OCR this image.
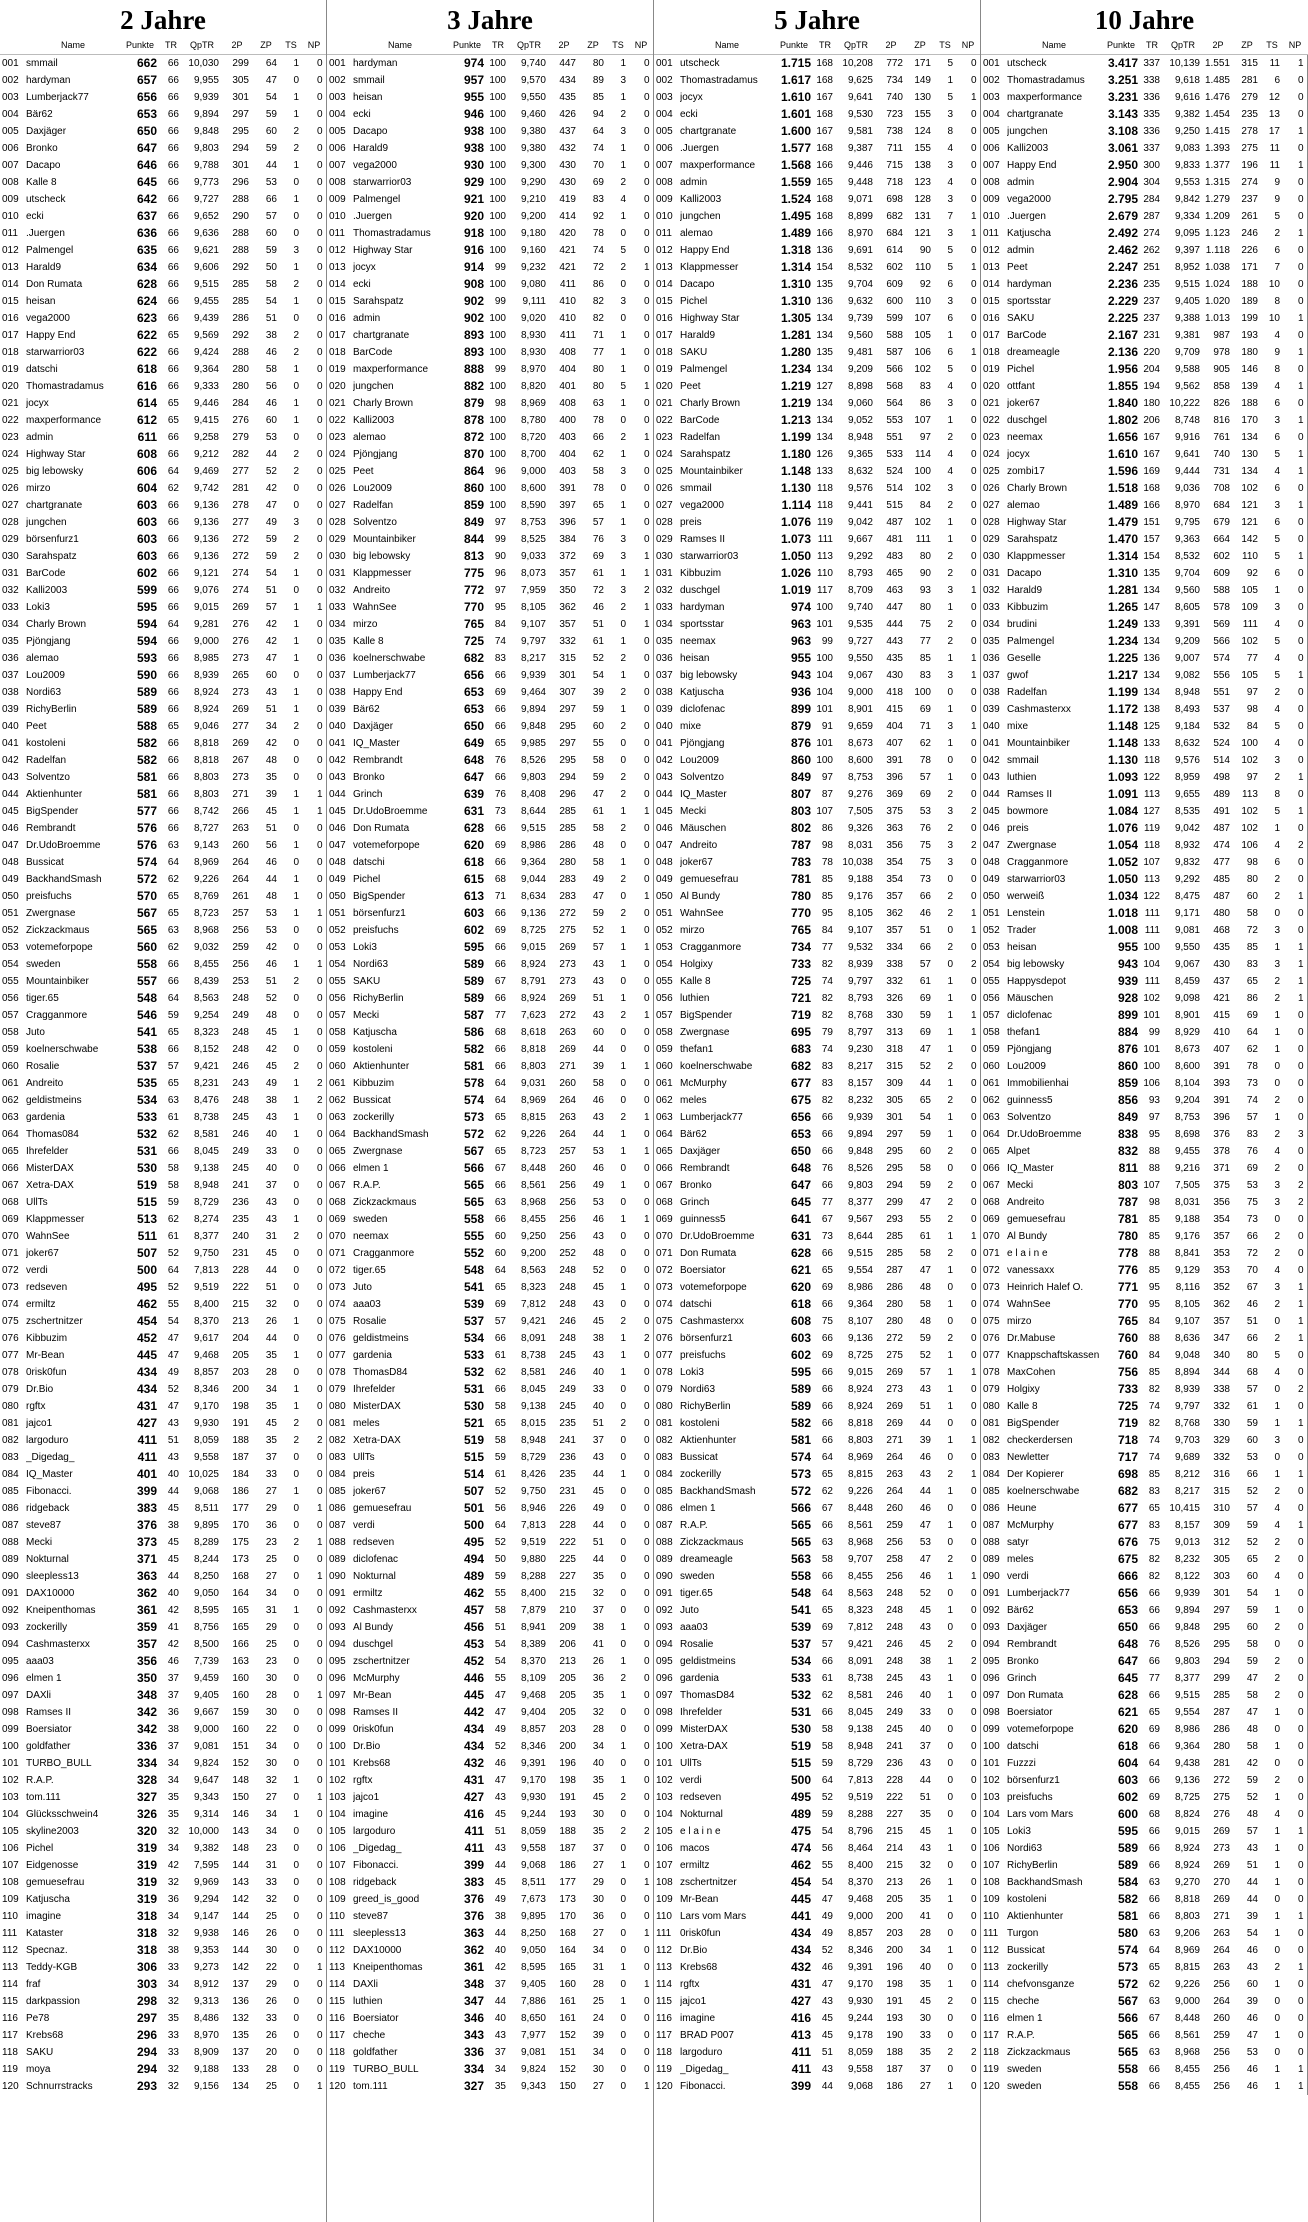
2 Jahre
	Name	Punkte	TR	QpTR	2P	ZP	TS	NP
001	smmail	662	66	10,030	299	64	1	0
002	hardyman	657	66	9,955	305	47	0	0
003	Lumberjack77	656	66	9,939	301	54	1	0
004	Bär62	653	66	9,894	297	59	1	0
005	Daxjäger	650	66	9,848	295	60	2	0
006	Bronko	647	66	9,803	294	59	2	0
007	Dacapo	646	66	9,788	301	44	1	0
008	Kalle 8	645	66	9,773	296	53	0	0
009	utscheck	642	66	9,727	288	66	1	0
010	ecki	637	66	9,652	290	57	0	0
011	.Juergen	636	66	9,636	288	60	0	0
012	Palmengel	635	66	9,621	288	59	3	0
013	Harald9	634	66	9,606	292	50	1	0
014	Don Rumata	628	66	9,515	285	58	2	0
015	heisan	624	66	9,455	285	54	1	0
016	vega2000	623	66	9,439	286	51	0	0
017	Happy End	622	65	9,569	292	38	2	0
018	starwarrior03	622	66	9,424	288	46	2	0
019	datschi	618	66	9,364	280	58	1	0
020	Thomastradamus	616	66	9,333	280	56	0	0
021	jocyx	614	65	9,446	284	46	1	0
022	maxperformance	612	65	9,415	276	60	1	0
023	admin	611	66	9,258	279	53	0	0
024	Highway Star	608	66	9,212	282	44	2	0
025	big lebowsky	606	64	9,469	277	52	2	0
026	mirzo	604	62	9,742	281	42	0	0
027	chartgranate	603	66	9,136	278	47	0	0
028	jungchen	603	66	9,136	277	49	3	0
029	börsenfurz1	603	66	9,136	272	59	2	0
030	Sarahspatz	603	66	9,136	272	59	2	0
031	BarCode	602	66	9,121	274	54	1	0
032	Kalli2003	599	66	9,076	274	51	0	0
033	Loki3	595	66	9,015	269	57	1	1
034	Charly Brown	594	64	9,281	276	42	1	0
035	Pjöngjang	594	66	9,000	276	42	1	0
036	alemao	593	66	8,985	273	47	1	0
037	Lou2009	590	66	8,939	265	60	0	0
038	Nordi63	589	66	8,924	273	43	1	0
039	RichyBerlin	589	66	8,924	269	51	1	0
040	Peet	588	65	9,046	277	34	2	0
041	kostoleni	582	66	8,818	269	42	0	0
042	Radelfan	582	66	8,818	267	48	0	0
043	Solventzo	581	66	8,803	273	35	0	0
044	Aktienhunter	581	66	8,803	271	39	1	1
045	BigSpender	577	66	8,742	266	45	1	1
046	Rembrandt	576	66	8,727	263	51	0	0
047	Dr.UdoBroemme	576	63	9,143	260	56	1	0
048	Bussicat	574	64	8,969	264	46	0	0
049	BackhandSmash	572	62	9,226	264	44	1	0
050	preisfuchs	570	65	8,769	261	48	1	0
051	Zwergnase	567	65	8,723	257	53	1	1
052	Zickzackmaus	565	63	8,968	256	53	0	0
053	votemeforpope	560	62	9,032	259	42	0	0
054	sweden	558	66	8,455	256	46	1	1
055	Mountainbiker	557	66	8,439	253	51	2	0
056	tiger.65	548	64	8,563	248	52	0	0
057	Cragganmore	546	59	9,254	249	48	0	0
058	Juto	541	65	8,323	248	45	1	0
059	koelnerschwabe	538	66	8,152	248	42	0	0
060	Rosalie	537	57	9,421	246	45	2	0
061	Andreito	535	65	8,231	243	49	1	2
062	geldistmeins	534	63	8,476	248	38	1	2
063	gardenia	533	61	8,738	245	43	1	0
064	Thomas084	532	62	8,581	246	40	1	0
065	Ihrefelder	531	66	8,045	249	33	0	0
066	MisterDAX	530	58	9,138	245	40	0	0
067	Xetra-DAX	519	58	8,948	241	37	0	0
068	UllTs	515	59	8,729	236	43	0	0
069	Klappmesser	513	62	8,274	235	43	1	0
070	WahnSee	511	61	8,377	240	31	2	0
071	joker67	507	52	9,750	231	45	0	0
072	verdi	500	64	7,813	228	44	0	0
073	redseven	495	52	9,519	222	51	0	0
074	ermiltz	462	55	8,400	215	32	0	0
075	zschertnitzer	454	54	8,370	213	26	1	0
076	Kibbuzim	452	47	9,617	204	44	0	0
077	Mr-Bean	445	47	9,468	205	35	1	0
078	0risk0fun	434	49	8,857	203	28	0	0
079	Dr.Bio	434	52	8,346	200	34	1	0
080	rgftx	431	47	9,170	198	35	1	0
081	jajco1	427	43	9,930	191	45	2	0
082	largoduro	411	51	8,059	188	35	2	2
083	_Digedag_	411	43	9,558	187	37	0	0
084	IQ_Master	401	40	10,025	184	33	0	0
085	Fibonacci.	399	44	9,068	186	27	1	0
086	ridgeback	383	45	8,511	177	29	0	1
087	steve87	376	38	9,895	170	36	0	0
088	Mecki	373	45	8,289	175	23	2	1
089	Nokturnal	371	45	8,244	173	25	0	0
090	sleepless13	363	44	8,250	168	27	0	1
091	DAX10000	362	40	9,050	164	34	0	0
092	Kneipenthomas	361	42	8,595	165	31	1	0
093	zockerilly	359	41	8,756	165	29	0	0
094	Cashmasterxx	357	42	8,500	166	25	0	0
095	aaa03	356	46	7,739	163	23	0	0
096	elmen 1	350	37	9,459	160	30	0	0
097	DAXli	348	37	9,405	160	28	0	1
098	Ramses II	342	36	9,667	159	30	0	0
099	Boersiator	342	38	9,000	160	22	0	0
100	goldfather	336	37	9,081	151	34	0	0
101	TURBO_BULL	334	34	9,824	152	30	0	0
102	R.A.P.	328	34	9,647	148	32	1	0
103	tom.111	327	35	9,343	150	27	0	1
104	Glücksschwein4	326	35	9,314	146	34	1	0
105	skyline2003	320	32	10,000	143	34	0	0
106	Pichel	319	34	9,382	148	23	0	0
107	Eidgenosse	319	42	7,595	144	31	0	0
108	gemuesefrau	319	32	9,969	143	33	0	0
109	Katjuscha	319	36	9,294	142	32	0	0
110	imagine	318	34	9,147	144	25	0	0
111	Kataster	318	32	9,938	146	26	0	0
112	Specnaz.	318	38	9,353	144	30	0	0
113	Teddy-KGB	306	33	9,273	142	22	0	1
114	fraf	303	34	8,912	137	29	0	0
115	darkpassion	298	32	9,313	136	26	0	0
116	Pe78	297	35	8,486	132	33	0	0
117	Krebs68	296	33	8,970	135	26	0	0
118	SAKU	294	33	8,909	137	20	0	0
119	moya	294	32	9,188	133	28	0	0
120	Schnurrstracks	293	32	9,156	134	25	0	1
3 Jahre
	Name	Punkte	TR	QpTR	2P	ZP	TS	NP
001	hardyman	974	100	9,740	447	80	1	0
002	smmail	957	100	9,570	434	89	3	0
003	heisan	955	100	9,550	435	85	1	0
004	ecki	946	100	9,460	426	94	2	0
005	Dacapo	938	100	9,380	437	64	3	0
006	Harald9	938	100	9,380	432	74	1	0
007	vega2000	930	100	9,300	430	70	1	0
008	starwarrior03	929	100	9,290	430	69	2	0
009	Palmengel	921	100	9,210	419	83	4	0
010	.Juergen	920	100	9,200	414	92	1	0
011	Thomastradamus	918	100	9,180	420	78	0	0
012	Highway Star	916	100	9,160	421	74	5	0
013	jocyx	914	99	9,232	421	72	2	1
014	ecki	908	100	9,080	411	86	0	0
015	Sarahspatz	902	99	9,111	410	82	3	0
016	admin	902	100	9,020	410	82	0	0
017	chartgranate	893	100	8,930	411	71	1	0
018	BarCode	893	100	8,930	408	77	1	0
019	maxperformance	888	99	8,970	404	80	1	0
020	jungchen	882	100	8,820	401	80	5	1
021	Charly Brown	879	98	8,969	408	63	1	0
022	Kalli2003	878	100	8,780	400	78	0	0
023	alemao	872	100	8,720	403	66	2	1
024	Pjöngjang	870	100	8,700	404	62	1	0
025	Peet	864	96	9,000	403	58	3	0
026	Lou2009	860	100	8,600	391	78	0	0
027	Radelfan	859	100	8,590	397	65	1	0
028	Solventzo	849	97	8,753	396	57	1	0
029	Mountainbiker	844	99	8,525	384	76	3	0
030	big lebowsky	813	90	9,033	372	69	3	1
031	Klappmesser	775	96	8,073	357	61	1	1
032	Andreito	772	97	7,959	350	72	3	2
033	WahnSee	770	95	8,105	362	46	2	1
034	mirzo	765	84	9,107	357	51	0	1
035	Kalle 8	725	74	9,797	332	61	1	0
036	koelnerschwabe	682	83	8,217	315	52	2	0
037	Lumberjack77	656	66	9,939	301	54	1	0
038	Happy End	653	69	9,464	307	39	2	0
039	Bär62	653	66	9,894	297	59	1	0
040	Daxjäger	650	66	9,848	295	60	2	0
041	IQ_Master	649	65	9,985	297	55	0	0
042	Rembrandt	648	76	8,526	295	58	0	0
043	Bronko	647	66	9,803	294	59	2	0
044	Grinch	639	76	8,408	296	47	2	0
045	Dr.UdoBroemme	631	73	8,644	285	61	1	1
046	Don Rumata	628	66	9,515	285	58	2	0
047	votemeforpope	620	69	8,986	286	48	0	0
048	datschi	618	66	9,364	280	58	1	0
049	Pichel	615	68	9,044	283	49	2	0
050	BigSpender	613	71	8,634	283	47	0	1
051	börsenfurz1	603	66	9,136	272	59	2	0
052	preisfuchs	602	69	8,725	275	52	1	0
053	Loki3	595	66	9,015	269	57	1	1
054	Nordi63	589	66	8,924	273	43	1	0
055	SAKU	589	67	8,791	273	43	0	0
056	RichyBerlin	589	66	8,924	269	51	1	0
057	Mecki	587	77	7,623	272	43	2	1
058	Katjuscha	586	68	8,618	263	60	0	0
059	kostoleni	582	66	8,818	269	44	0	0
060	Aktienhunter	581	66	8,803	271	39	1	1
061	Kibbuzim	578	64	9,031	260	58	0	0
062	Bussicat	574	64	8,969	264	46	0	0
063	zockerilly	573	65	8,815	263	43	2	1
064	BackhandSmash	572	62	9,226	264	44	1	0
065	Zwergnase	567	65	8,723	257	53	1	1
066	elmen 1	566	67	8,448	260	46	0	0
067	R.A.P.	565	66	8,561	256	49	1	0
068	Zickzackmaus	565	63	8,968	256	53	0	0
069	sweden	558	66	8,455	256	46	1	1
070	neemax	555	60	9,250	256	43	0	0
071	Cragganmore	552	60	9,200	252	48	0	0
072	tiger.65	548	64	8,563	248	52	0	0
073	Juto	541	65	8,323	248	45	1	0
074	aaa03	539	69	7,812	248	43	0	0
075	Rosalie	537	57	9,421	246	45	2	0
076	geldistmeins	534	66	8,091	248	38	1	2
077	gardenia	533	61	8,738	245	43	1	0
078	ThomasD84	532	62	8,581	246	40	1	0
079	Ihrefelder	531	66	8,045	249	33	0	0
080	MisterDAX	530	58	9,138	245	40	0	0
081	meles	521	65	8,015	235	51	2	0
082	Xetra-DAX	519	58	8,948	241	37	0	0
083	UllTs	515	59	8,729	236	43	0	0
084	preis	514	61	8,426	235	44	1	0
085	joker67	507	52	9,750	231	45	0	0
086	gemuesefrau	501	56	8,946	226	49	0	0
087	verdi	500	64	7,813	228	44	0	0
088	redseven	495	52	9,519	222	51	0	0
089	diclofenac	494	50	9,880	225	44	0	0
090	Nokturnal	489	59	8,288	227	35	0	0
091	ermiltz	462	55	8,400	215	32	0	0
092	Cashmasterxx	457	58	7,879	210	37	0	0
093	Al Bundy	456	51	8,941	209	38	1	0
094	duschgel	453	54	8,389	206	41	0	0
095	zschertnitzer	452	54	8,370	213	26	1	0
096	McMurphy	446	55	8,109	205	36	2	0
097	Mr-Bean	445	47	9,468	205	35	1	0
098	Ramses II	442	47	9,404	205	32	0	0
099	0risk0fun	434	49	8,857	203	28	0	0
100	Dr.Bio	434	52	8,346	200	34	1	0
101	Krebs68	432	46	9,391	196	40	0	0
102	rgftx	431	47	9,170	198	35	1	0
103	jajco1	427	43	9,930	191	45	2	0
104	imagine	416	45	9,244	193	30	0	0
105	largoduro	411	51	8,059	188	35	2	2
106	_Digedag_	411	43	9,558	187	37	0	0
107	Fibonacci.	399	44	9,068	186	27	1	0
108	ridgeback	383	45	8,511	177	29	0	1
109	greed_is_good	376	49	7,673	173	30	0	0
110	steve87	376	38	9,895	170	36	0	0
111	sleepless13	363	44	8,250	168	27	0	1
112	DAX10000	362	40	9,050	164	34	0	0
113	Kneipenthomas	361	42	8,595	165	31	1	0
114	DAXli	348	37	9,405	160	28	0	1
115	luthien	347	44	7,886	161	25	1	0
116	Boersiator	346	40	8,650	161	24	0	0
117	cheche	343	43	7,977	152	39	0	0
118	goldfather	336	37	9,081	151	34	0	0
119	TURBO_BULL	334	34	9,824	152	30	0	0
120	tom.111	327	35	9,343	150	27	0	1
5 Jahre
	Name	Punkte	TR	QpTR	2P	ZP	TS	NP
001	utscheck	1.715	168	10,208	772	171	5	0
002	Thomastradamus	1.617	168	9,625	734	149	1	0
003	jocyx	1.610	167	9,641	740	130	5	1
004	ecki	1.601	168	9,530	723	155	3	0
005	chartgranate	1.600	167	9,581	738	124	8	0
006	.Juergen	1.577	168	9,387	711	155	4	0
007	maxperformance	1.568	166	9,446	715	138	3	0
008	admin	1.559	165	9,448	718	123	4	0
009	Kalli2003	1.524	168	9,071	698	128	3	0
010	jungchen	1.495	168	8,899	682	131	7	1
011	alemao	1.489	166	8,970	684	121	3	1
012	Happy End	1.318	136	9,691	614	90	5	0
013	Klappmesser	1.314	154	8,532	602	110	5	1
014	Dacapo	1.310	135	9,704	609	92	6	0
015	Pichel	1.310	136	9,632	600	110	3	0
016	Highway Star	1.305	134	9,739	599	107	6	0
017	Harald9	1.281	134	9,560	588	105	1	0
018	SAKU	1.280	135	9,481	587	106	6	1
019	Palmengel	1.234	134	9,209	566	102	5	0
020	Peet	1.219	127	8,898	568	83	4	0
021	Charly Brown	1.219	134	9,060	564	86	3	0
022	BarCode	1.213	134	9,052	553	107	1	0
023	Radelfan	1.199	134	8,948	551	97	2	0
024	Sarahspatz	1.180	126	9,365	533	114	4	0
025	Mountainbiker	1.148	133	8,632	524	100	4	0
026	smmail	1.130	118	9,576	514	102	3	0
027	vega2000	1.114	118	9,441	515	84	2	0
028	preis	1.076	119	9,042	487	102	1	0
029	Ramses II	1.073	111	9,667	481	111	1	0
030	starwarrior03	1.050	113	9,292	483	80	2	0
031	Kibbuzim	1.026	110	8,793	465	90	2	0
032	duschgel	1.019	117	8,709	463	93	3	1
033	hardyman	974	100	9,740	447	80	1	0
034	sportsstar	963	101	9,535	444	75	2	0
035	neemax	963	99	9,727	443	77	2	0
036	heisan	955	100	9,550	435	85	1	1
037	big lebowsky	943	104	9,067	430	83	3	1
038	Katjuscha	936	104	9,000	418	100	0	0
039	diclofenac	899	101	8,901	415	69	1	0
040	mixe	879	91	9,659	404	71	3	1
041	Pjöngjang	876	101	8,673	407	62	1	0
042	Lou2009	860	100	8,600	391	78	0	0
043	Solventzo	849	97	8,753	396	57	1	0
044	IQ_Master	807	87	9,276	369	69	2	0
045	Mecki	803	107	7,505	375	53	3	2
046	Mäuschen	802	86	9,326	363	76	2	0
047	Andreito	787	98	8,031	356	75	3	2
048	joker67	783	78	10,038	354	75	3	0
049	gemuesefrau	781	85	9,188	354	73	0	0
050	Al Bundy	780	85	9,176	357	66	2	0
051	WahnSee	770	95	8,105	362	46	2	1
052	mirzo	765	84	9,107	357	51	0	1
053	Cragganmore	734	77	9,532	334	66	2	0
054	Holgixy	733	82	8,939	338	57	0	2
055	Kalle 8	725	74	9,797	332	61	1	0
056	luthien	721	82	8,793	326	69	1	0
057	BigSpender	719	82	8,768	330	59	1	1
058	Zwergnase	695	79	8,797	313	69	1	1
059	thefan1	683	74	9,230	318	47	1	0
060	koelnerschwabe	682	83	8,217	315	52	2	0
061	McMurphy	677	83	8,157	309	44	1	0
062	meles	675	82	8,232	305	65	2	0
063	Lumberjack77	656	66	9,939	301	54	1	0
064	Bär62	653	66	9,894	297	59	1	0
065	Daxjäger	650	66	9,848	295	60	2	0
066	Rembrandt	648	76	8,526	295	58	0	0
067	Bronko	647	66	9,803	294	59	2	0
068	Grinch	645	77	8,377	299	47	2	0
069	guinness5	641	67	9,567	293	55	2	0
070	Dr.UdoBroemme	631	73	8,644	285	61	1	1
071	Don Rumata	628	66	9,515	285	58	2	0
072	Boersiator	621	65	9,554	287	47	1	0
073	votemeforpope	620	69	8,986	286	48	0	0
074	datschi	618	66	9,364	280	58	1	0
075	Cashmasterxx	608	75	8,107	280	48	0	0
076	börsenfurz1	603	66	9,136	272	59	2	0
077	preisfuchs	602	69	8,725	275	52	1	0
078	Loki3	595	66	9,015	269	57	1	1
079	Nordi63	589	66	8,924	273	43	1	0
080	RichyBerlin	589	66	8,924	269	51	1	0
081	kostoleni	582	66	8,818	269	44	0	0
082	Aktienhunter	581	66	8,803	271	39	1	1
083	Bussicat	574	64	8,969	264	46	0	0
084	zockerilly	573	65	8,815	263	43	2	1
085	BackhandSmash	572	62	9,226	264	44	1	0
086	elmen 1	566	67	8,448	260	46	0	0
087	R.A.P.	565	66	8,561	259	47	1	0
088	Zickzackmaus	565	63	8,968	256	53	0	0
089	dreameagle	563	58	9,707	258	47	2	0
090	sweden	558	66	8,455	256	46	1	1
091	tiger.65	548	64	8,563	248	52	0	0
092	Juto	541	65	8,323	248	45	1	0
093	aaa03	539	69	7,812	248	43	0	0
094	Rosalie	537	57	9,421	246	45	2	0
095	geldistmeins	534	66	8,091	248	38	1	2
096	gardenia	533	61	8,738	245	43	1	0
097	ThomasD84	532	62	8,581	246	40	1	0
098	Ihrefelder	531	66	8,045	249	33	0	0
099	MisterDAX	530	58	9,138	245	40	0	0
100	Xetra-DAX	519	58	8,948	241	37	0	0
101	UllTs	515	59	8,729	236	43	0	0
102	verdi	500	64	7,813	228	44	0	0
103	redseven	495	52	9,519	222	51	0	0
104	Nokturnal	489	59	8,288	227	35	0	0
105	e l a i n e	475	54	8,796	215	45	1	0
106	macos	474	56	8,464	214	43	1	0
107	ermiltz	462	55	8,400	215	32	0	0
108	zschertnitzer	454	54	8,370	213	26	1	0
109	Mr-Bean	445	47	9,468	205	35	1	0
110	Lars vom Mars	441	49	9,000	200	41	0	0
111	0risk0fun	434	49	8,857	203	28	0	0
112	Dr.Bio	434	52	8,346	200	34	1	0
113	Krebs68	432	46	9,391	196	40	0	0
114	rgftx	431	47	9,170	198	35	1	0
115	jajco1	427	43	9,930	191	45	2	0
116	imagine	416	45	9,244	193	30	0	0
117	BRAD P007	413	45	9,178	190	33	0	0
118	largoduro	411	51	8,059	188	35	2	2
119	_Digedag_	411	43	9,558	187	37	0	0
120	Fibonacci.	399	44	9,068	186	27	1	0
10 Jahre
	Name	Punkte	TR	QpTR	2P	ZP	TS	NP
001	utscheck	3.417	337	10,139	1.551	315	11	1
002	Thomastradamus	3.251	338	9,618	1.485	281	6	0
003	maxperformance	3.231	336	9,616	1.476	279	12	0
004	chartgranate	3.143	335	9,382	1.454	235	13	0
005	jungchen	3.108	336	9,250	1.415	278	17	1
006	Kalli2003	3.061	337	9,083	1.393	275	11	0
007	Happy End	2.950	300	9,833	1.377	196	11	1
008	admin	2.904	304	9,553	1.315	274	9	0
009	vega2000	2.795	284	9,842	1.279	237	9	0
010	.Juergen	2.679	287	9,334	1.209	261	5	0
011	Katjuscha	2.492	274	9,095	1.123	246	2	1
012	admin	2.462	262	9,397	1.118	226	6	0
013	Peet	2.247	251	8,952	1.038	171	7	0
014	hardyman	2.236	235	9,515	1.024	188	10	0
015	sportsstar	2.229	237	9,405	1.020	189	8	0
016	SAKU	2.225	237	9,388	1.013	199	10	1
017	BarCode	2.167	231	9,381	987	193	4	0
018	dreameagle	2.136	220	9,709	978	180	9	1
019	Pichel	1.956	204	9,588	905	146	8	0
020	ottfant	1.855	194	9,562	858	139	4	1
021	joker67	1.840	180	10,222	826	188	6	0
022	duschgel	1.802	206	8,748	816	170	3	1
023	neemax	1.656	167	9,916	761	134	6	0
024	jocyx	1.610	167	9,641	740	130	5	1
025	zombi17	1.596	169	9,444	731	134	4	1
026	Charly Brown	1.518	168	9,036	708	102	6	0
027	alemao	1.489	166	8,970	684	121	3	1
028	Highway Star	1.479	151	9,795	679	121	6	0
029	Sarahspatz	1.470	157	9,363	664	142	5	0
030	Klappmesser	1.314	154	8,532	602	110	5	1
031	Dacapo	1.310	135	9,704	609	92	6	0
032	Harald9	1.281	134	9,560	588	105	1	0
033	Kibbuzim	1.265	147	8,605	578	109	3	0
034	brudini	1.249	133	9,391	569	111	4	0
035	Palmengel	1.234	134	9,209	566	102	5	0
036	Geselle	1.225	136	9,007	574	77	4	0
037	gwof	1.217	134	9,082	556	105	5	1
038	Radelfan	1.199	134	8,948	551	97	2	0
039	Cashmasterxx	1.172	138	8,493	537	98	4	0
040	mixe	1.148	125	9,184	532	84	5	0
041	Mountainbiker	1.148	133	8,632	524	100	4	0
042	smmail	1.130	118	9,576	514	102	3	0
043	luthien	1.093	122	8,959	498	97	2	1
044	Ramses II	1.091	113	9,655	489	113	8	0
045	bowmore	1.084	127	8,535	491	102	5	1
046	preis	1.076	119	9,042	487	102	1	0
047	Zwergnase	1.054	118	8,932	474	106	4	2
048	Cragganmore	1.052	107	9,832	477	98	6	0
049	starwarrior03	1.050	113	9,292	485	80	2	0
050	werweiß	1.034	122	8,475	487	60	2	1
051	Lenstein	1.018	111	9,171	480	58	0	0
052	Trader	1.008	111	9,081	468	72	3	0
053	heisan	955	100	9,550	435	85	1	1
054	big lebowsky	943	104	9,067	430	83	3	1
055	Happysdepot	939	111	8,459	437	65	2	1
056	Mäuschen	928	102	9,098	421	86	2	1
057	diclofenac	899	101	8,901	415	69	1	0
058	thefan1	884	99	8,929	410	64	1	0
059	Pjöngjang	876	101	8,673	407	62	1	0
060	Lou2009	860	100	8,600	391	78	0	0
061	Immobilienhai	859	106	8,104	393	73	0	0
062	guinness5	856	93	9,204	391	74	2	0
063	Solventzo	849	97	8,753	396	57	1	0
064	Dr.UdoBroemme	838	95	8,698	376	83	2	3
065	Alpet	832	88	9,455	378	76	4	0
066	IQ_Master	811	88	9,216	371	69	2	0
067	Mecki	803	107	7,505	375	53	3	2
068	Andreito	787	98	8,031	356	75	3	2
069	gemuesefrau	781	85	9,188	354	73	0	0
070	Al Bundy	780	85	9,176	357	66	2	0
071	e l a i n e	778	88	8,841	353	72	2	0
072	vanessaxx	776	85	9,129	353	70	4	0
073	Heinrich Halef O.	771	95	8,116	352	67	3	1
074	WahnSee	770	95	8,105	362	46	2	1
075	mirzo	765	84	9,107	357	51	0	1
076	Dr.Mabuse	760	88	8,636	347	66	2	1
077	Knappschaftskassen	760	84	9,048	340	80	5	0
078	MaxCohen	756	85	8,894	344	68	4	0
079	Holgixy	733	82	8,939	338	57	0	2
080	Kalle 8	725	74	9,797	332	61	1	0
081	BigSpender	719	82	8,768	330	59	1	1
082	checkerdersen	718	74	9,703	329	60	3	0
083	Newletter	717	74	9,689	332	53	0	0
084	Der Kopierer	698	85	8,212	316	66	1	1
085	koelnerschwabe	682	83	8,217	315	52	2	0
086	Heune	677	65	10,415	310	57	4	0
087	McMurphy	677	83	8,157	309	59	4	1
088	satyr	676	75	9,013	312	52	2	0
089	meles	675	82	8,232	305	65	2	0
090	verdi	666	82	8,122	303	60	4	0
091	Lumberjack77	656	66	9,939	301	54	1	0
092	Bär62	653	66	9,894	297	59	1	0
093	Daxjäger	650	66	9,848	295	60	2	0
094	Rembrandt	648	76	8,526	295	58	0	0
095	Bronko	647	66	9,803	294	59	2	0
096	Grinch	645	77	8,377	299	47	2	0
097	Don Rumata	628	66	9,515	285	58	2	0
098	Boersiator	621	65	9,554	287	47	1	0
099	votemeforpope	620	69	8,986	286	48	0	0
100	datschi	618	66	9,364	280	58	1	0
101	Fuzzzi	604	64	9,438	281	42	0	0
102	börsenfurz1	603	66	9,136	272	59	2	0
103	preisfuchs	602	69	8,725	275	52	1	0
104	Lars vom Mars	600	68	8,824	276	48	4	0
105	Loki3	595	66	9,015	269	57	1	1
106	Nordi63	589	66	8,924	273	43	1	0
107	RichyBerlin	589	66	8,924	269	51	1	0
108	BackhandSmash	584	63	9,270	270	44	1	0
109	kostoleni	582	66	8,818	269	44	0	0
110	Aktienhunter	581	66	8,803	271	39	1	1
111	Turgon	580	63	9,206	263	54	1	0
112	Bussicat	574	64	8,969	264	46	0	0
113	zockerilly	573	65	8,815	263	43	2	1
114	chefvonsganze	572	62	9,226	256	60	1	0
115	cheche	567	63	9,000	264	39	0	0
116	elmen 1	566	67	8,448	260	46	0	0
117	R.A.P.	565	66	8,561	259	47	1	0
118	Zickzackmaus	565	63	8,968	256	53	0	0
119	sweden	558	66	8,455	256	46	1	1
120	sweden	558	66	8,455	256	46	1	1
